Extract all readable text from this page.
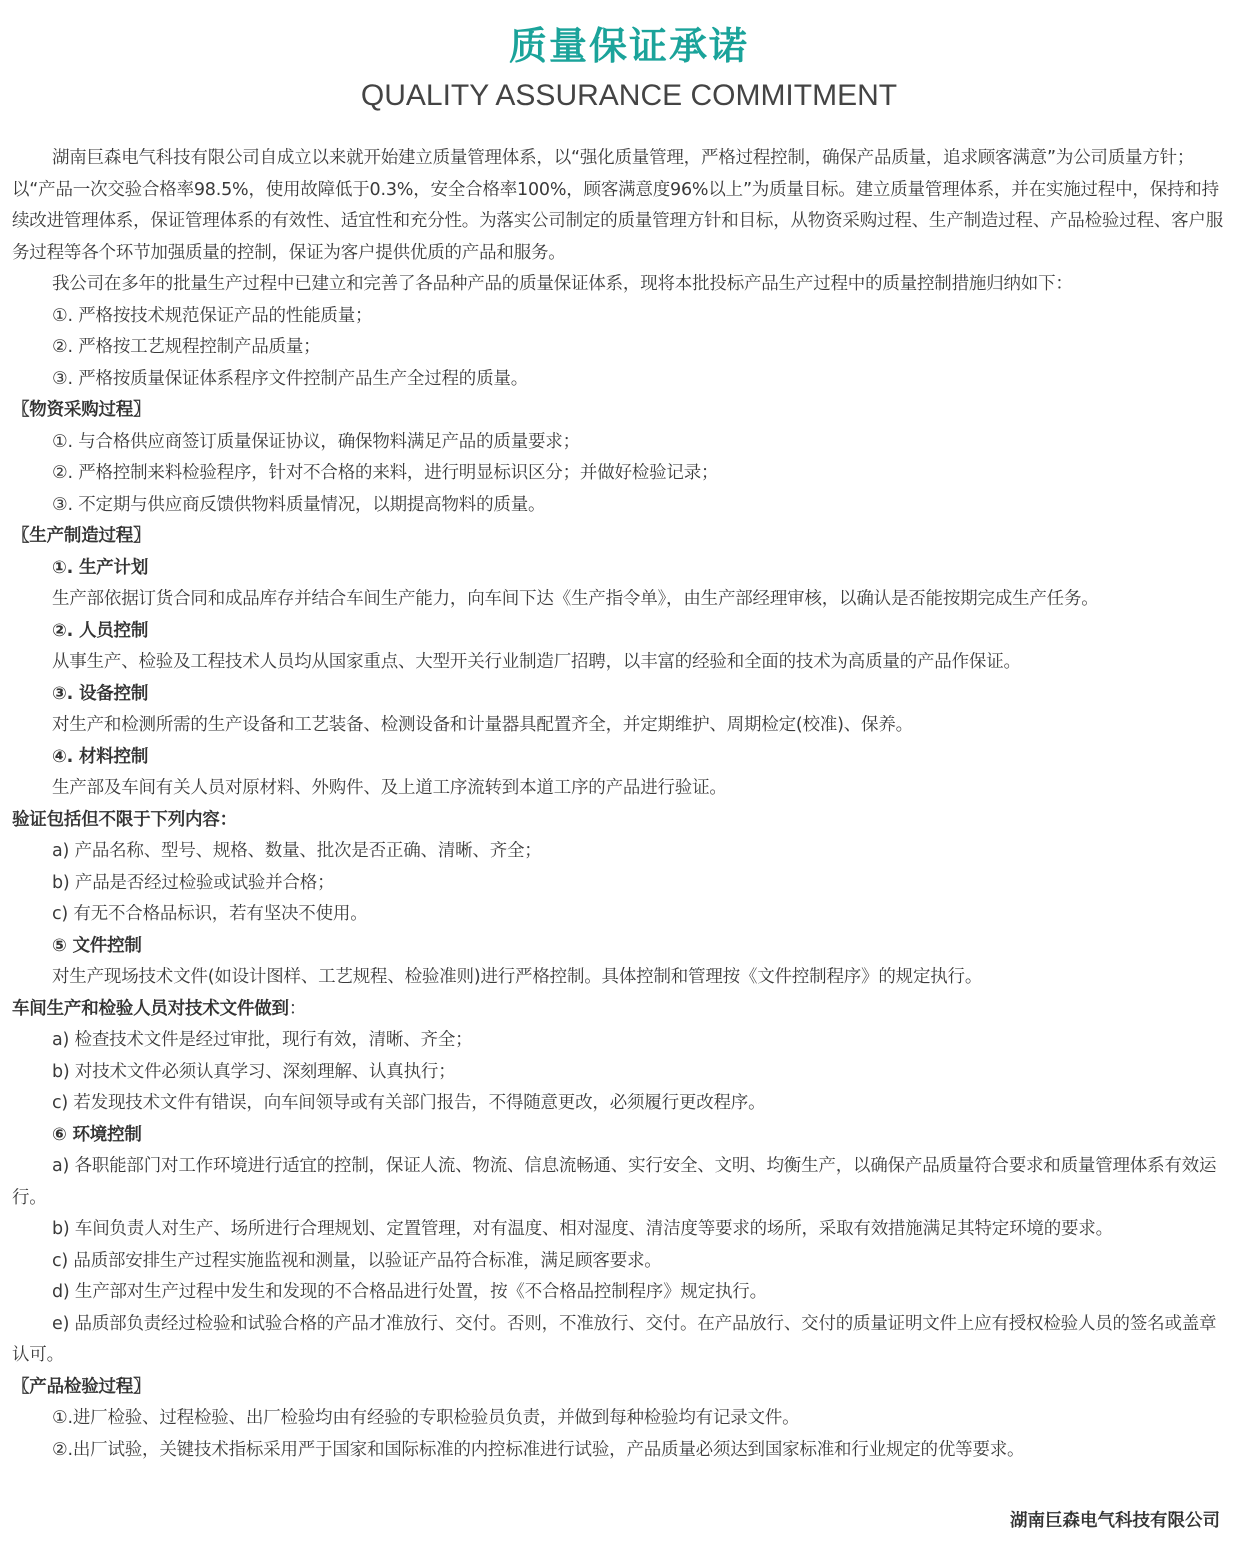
质量保证承诺
QUALITY ASSURANCE COMMITMENT

湖南巨森电气科技有限公司自成立以来就开始建立质量管理体系，以“强化质量管理，严格过程控制，确保产品质量，追求顾客满意”为公司质量方针；以“产品一次交验合格率98.5%，使用故障低于0.3%，安全合格率100%，顾客满意度96%以上”为质量目标。建立质量管理体系，并在实施过程中，保持和持续改进管理体系，保证管理体系的有效性、适宜性和充分性。为落实公司制定的质量管理方针和目标，从物资采购过程、生产制造过程、产品检验过程、客户服务过程等各个环节加强质量的控制，保证为客户提供优质的产品和服务。

我公司在多年的批量生产过程中已建立和完善了各品种产品的质量保证体系，现将本批投标产品生产过程中的质量控制措施归纳如下：

①. 严格按技术规范保证产品的性能质量；

②. 严格按工艺规程控制产品质量；

③. 严格按质量保证体系程序文件控制产品生产全过程的质量。

〖物资采购过程〗

①. 与合格供应商签订质量保证协议，确保物料满足产品的质量要求；

②. 严格控制来料检验程序，针对不合格的来料，进行明显标识区分；并做好检验记录；

③. 不定期与供应商反馈供物料质量情况，以期提高物料的质量。

〖生产制造过程〗

①. 生产计划

生产部依据订货合同和成品库存并结合车间生产能力，向车间下达《生产指令单》，由生产部经理审核，以确认是否能按期完成生产任务。

②. 人员控制

从事生产、检验及工程技术人员均从国家重点、大型开关行业制造厂招聘，以丰富的经验和全面的技术为高质量的产品作保证。

③. 设备控制

对生产和检测所需的生产设备和工艺装备、检测设备和计量器具配置齐全，并定期维护、周期检定(校准)、保养。

④. 材料控制

生产部及车间有关人员对原材料、外购件、及上道工序流转到本道工序的产品进行验证。

验证包括但不限于下列内容：

a) 产品名称、型号、规格、数量、批次是否正确、清晰、齐全；

b) 产品是否经过检验或试验并合格；

c) 有无不合格品标识，若有坚决不使用。

⑤ 文件控制

对生产现场技术文件(如设计图样、工艺规程、检验准则)进行严格控制。具体控制和管理按《文件控制程序》的规定执行。

车间生产和检验人员对技术文件做到：

a) 检查技术文件是经过审批，现行有效，清晰、齐全；

b) 对技术文件必须认真学习、深刻理解、认真执行；

c) 若发现技术文件有错误，向车间领导或有关部门报告，不得随意更改，必须履行更改程序。

⑥ 环境控制

a) 各职能部门对工作环境进行适宜的控制，保证人流、物流、信息流畅通、实行安全、文明、均衡生产，以确保产品质量符合要求和质量管理体系有效运行。

b) 车间负责人对生产、场所进行合理规划、定置管理，对有温度、相对湿度、清洁度等要求的场所，采取有效措施满足其特定环境的要求。

c) 品质部安排生产过程实施监视和测量，以验证产品符合标准，满足顾客要求。

d) 生产部对生产过程中发生和发现的不合格品进行处置，按《不合格品控制程序》规定执行。

e) 品质部负责经过检验和试验合格的产品才准放行、交付。否则，不准放行、交付。在产品放行、交付的质量证明文件上应有授权检验人员的签名或盖章认可。

〖产品检验过程〗

①.进厂检验、过程检验、出厂检验均由有经验的专职检验员负责，并做到每种检验均有记录文件。

②.出厂试验，关键技术指标采用严于国家和国际标准的内控标准进行试验，产品质量必须达到国家标准和行业规定的优等要求。

湖南巨森电气科技有限公司
